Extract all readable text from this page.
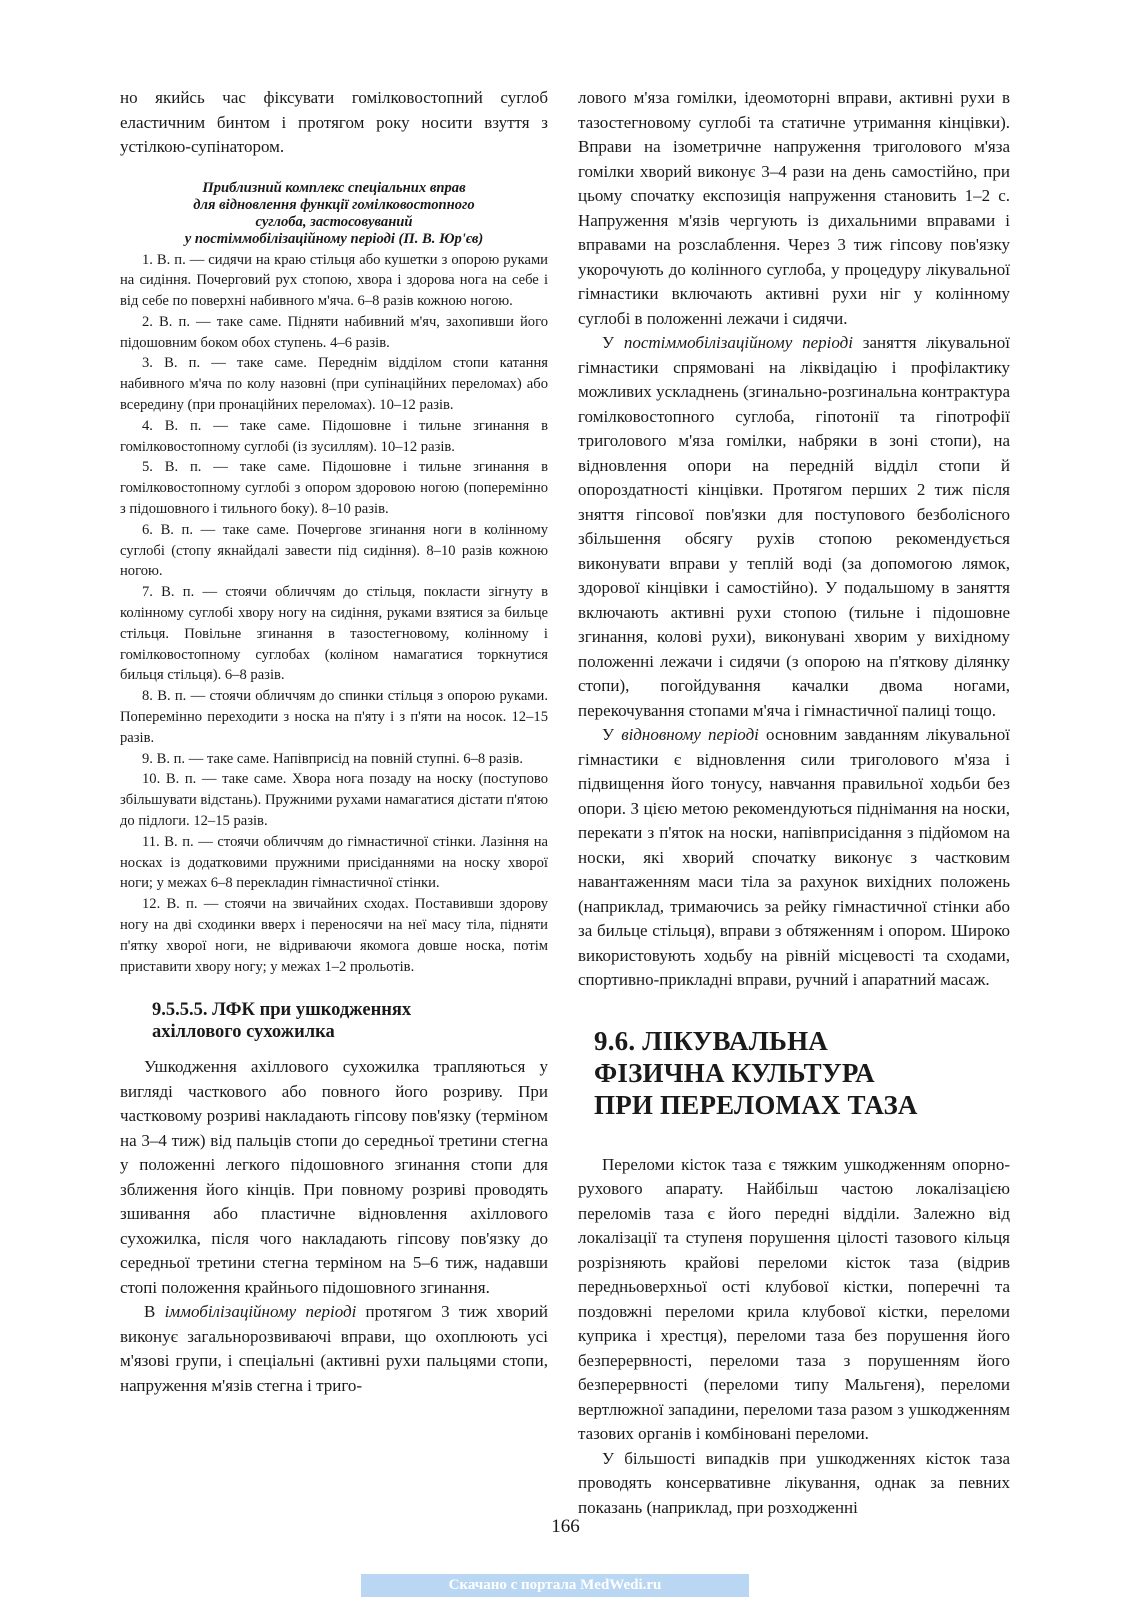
но якийсь час фіксувати гомілковостопний суглоб еластичним бинтом і протягом року носити взуття з устілкою-супінатором.

Приблизний комплекс спеціальних вправ
для відновлення функції гомілковостопного
суглоба, застосовуваний
у постіммобілізаційному періоді (П. В. Юр'єв)

1. В. п. — сидячи на краю стільця або кушетки з опорою руками на сидіння. Почерговий рух стопою, хвора і здорова нога на себе і від себе по поверхні набивного м'яча. 6–8 разів кожною ногою.

2. В. п. — таке саме. Підняти набивний м'яч, захопивши його підошовним боком обох ступень. 4–6 разів.

3. В. п. — таке саме. Переднім відділом стопи катання набивного м'яча по колу назовні (при супінаційних переломах) або всередину (при пронаційних переломах). 10–12 разів.

4. В. п. — таке саме. Підошовне і тильне згинання в гомілковостопному суглобі (із зусиллям). 10–12 разів.

5. В. п. — таке саме. Підошовне і тильне згинання в гомілковостопному суглобі з опором здоровою ногою (поперемінно з підошовного і тильного боку). 8–10 разів.

6. В. п. — таке саме. Почергове згинання ноги в колінному суглобі (стопу якнайдалі завести під сидіння). 8–10 разів кожною ногою.

7. В. п. — стоячи обличчям до стільця, покласти зігнуту в колінному суглобі хвору ногу на сидіння, руками взятися за бильце стільця. Повільне згинання в тазостегновому, колінному і гомілковостопному суглобах (коліном намагатися торкнутися бильця стільця). 6–8 разів.

8. В. п. — стоячи обличчям до спинки стільця з опорою руками. Поперемінно переходити з носка на п'яту і з п'яти на носок. 12–15 разів.

9. В. п. — таке саме. Напівприсід на повній ступні. 6–8 разів.

10. В. п. — таке саме. Хвора нога позаду на носку (поступово збільшувати відстань). Пружними рухами намагатися дістати п'ятою до підлоги. 12–15 разів.

11. В. п. — стоячи обличчям до гімнастичної стінки. Лазіння на носках із додатковими пружними присіданнями на носку хворої ноги; у межах 6–8 перекладин гімнастичної стінки.

12. В. п. — стоячи на звичайних сходах. Поставивши здорову ногу на дві сходинки вверх і переносячи на неї масу тіла, підняти п'ятку хворої ноги, не відриваючи якомога довше носка, потім приставити хвору ногу; у межах 1–2 прольотів.

9.5.5.5. ЛФК при ушкодженнях
ахіллового сухожилка

Ушкодження ахіллового сухожилка трапляються у вигляді часткового або повного його розриву. При частковому розриві накладають гіпсову пов'язку (терміном на 3–4 тиж) від пальців стопи до середньої третини стегна у положенні легкого підошовного згинання стопи для зближення його кінців. При повному розриві проводять зшивання або пластичне відновлення ахіллового сухожилка, після чого накладають гіпсову пов'язку до середньої третини стегна терміном на 5–6 тиж, надавши стопі положення крайнього підошовного згинання.

В іммобілізаційному періоді протягом 3 тиж хворий виконує загальнорозвиваючі вправи, що охоплюють усі м'язові групи, і спеціальні (активні рухи пальцями стопи, напруження м'язів стегна і триго-

лового м'яза гомілки, ідеомоторні вправи, активні рухи в тазостегновому суглобі та статичне утримання кінцівки). Вправи на ізометричне напруження триголового м'яза гомілки хворий виконує 3–4 рази на день самостійно, при цьому спочатку експозиція напруження становить 1–2 с. Напруження м'язів чергують із дихальними вправами і вправами на розслаблення. Через 3 тиж гіпсову пов'язку укорочують до колінного суглоба, у процедуру лікувальної гімнастики включають активні рухи ніг у колінному суглобі в положенні лежачи і сидячи.

У постіммобілізаційному періоді заняття лікувальної гімнастики спрямовані на ліквідацію і профілактику можливих ускладнень (згинально-розгинальна контрактура гомілковостопного суглоба, гіпотонії та гіпотрофії триголового м'яза гомілки, набряки в зоні стопи), на відновлення опори на передній відділ стопи й опороздатності кінцівки. Протягом перших 2 тиж після зняття гіпсової пов'язки для поступового безболісного збільшення обсягу рухів стопою рекомендується виконувати вправи у теплій воді (за допомогою лямок, здорової кінцівки і самостійно). У подальшому в заняття включають активні рухи стопою (тильне і підошовне згинання, колові рухи), виконувані хворим у вихідному положенні лежачи і сидячи (з опорою на п'яткову ділянку стопи), погойдування качалки двома ногами, перекочування стопами м'яча і гімнастичної палиці тощо.

У відновному періоді основним завданням лікувальної гімнастики є відновлення сили триголового м'яза і підвищення його тонусу, навчання правильної ходьби без опори. З цією метою рекомендуються піднімання на носки, перекати з п'яток на носки, напівприсідання з підйомом на носки, які хворий спочатку виконує з частковим навантаженням маси тіла за рахунок вихідних положень (наприклад, тримаючись за рейку гімнастичної стінки або за бильце стільця), вправи з обтяженням і опором. Широко використовують ходьбу на рівній місцевості та сходами, спортивно-прикладні вправи, ручний і апаратний масаж.

9.6. ЛІКУВАЛЬНА
ФІЗИЧНА КУЛЬТУРА
ПРИ ПЕРЕЛОМАХ ТАЗА

Переломи кісток таза є тяжким ушкодженням опорно-рухового апарату. Найбільш частою локалізацією переломів таза є його передні відділи. Залежно від локалізації та ступеня порушення цілості тазового кільця розрізняють крайові переломи кісток таза (відрив передньоверхньої ості клубової кістки, поперечні та поздовжні переломи крила клубової кістки, переломи куприка і хрестця), переломи таза без порушення його безперервності, переломи таза з порушенням його безперервності (переломи типу Мальгеня), переломи вертлюжної западини, переломи таза разом з ушкодженням тазових органів і комбіновані переломи.

У більшості випадків при ушкодженнях кісток таза проводять консервативне лікування, однак за певних показань (наприклад, при розходженні

166
Скачано с портала MedWedi.ru
